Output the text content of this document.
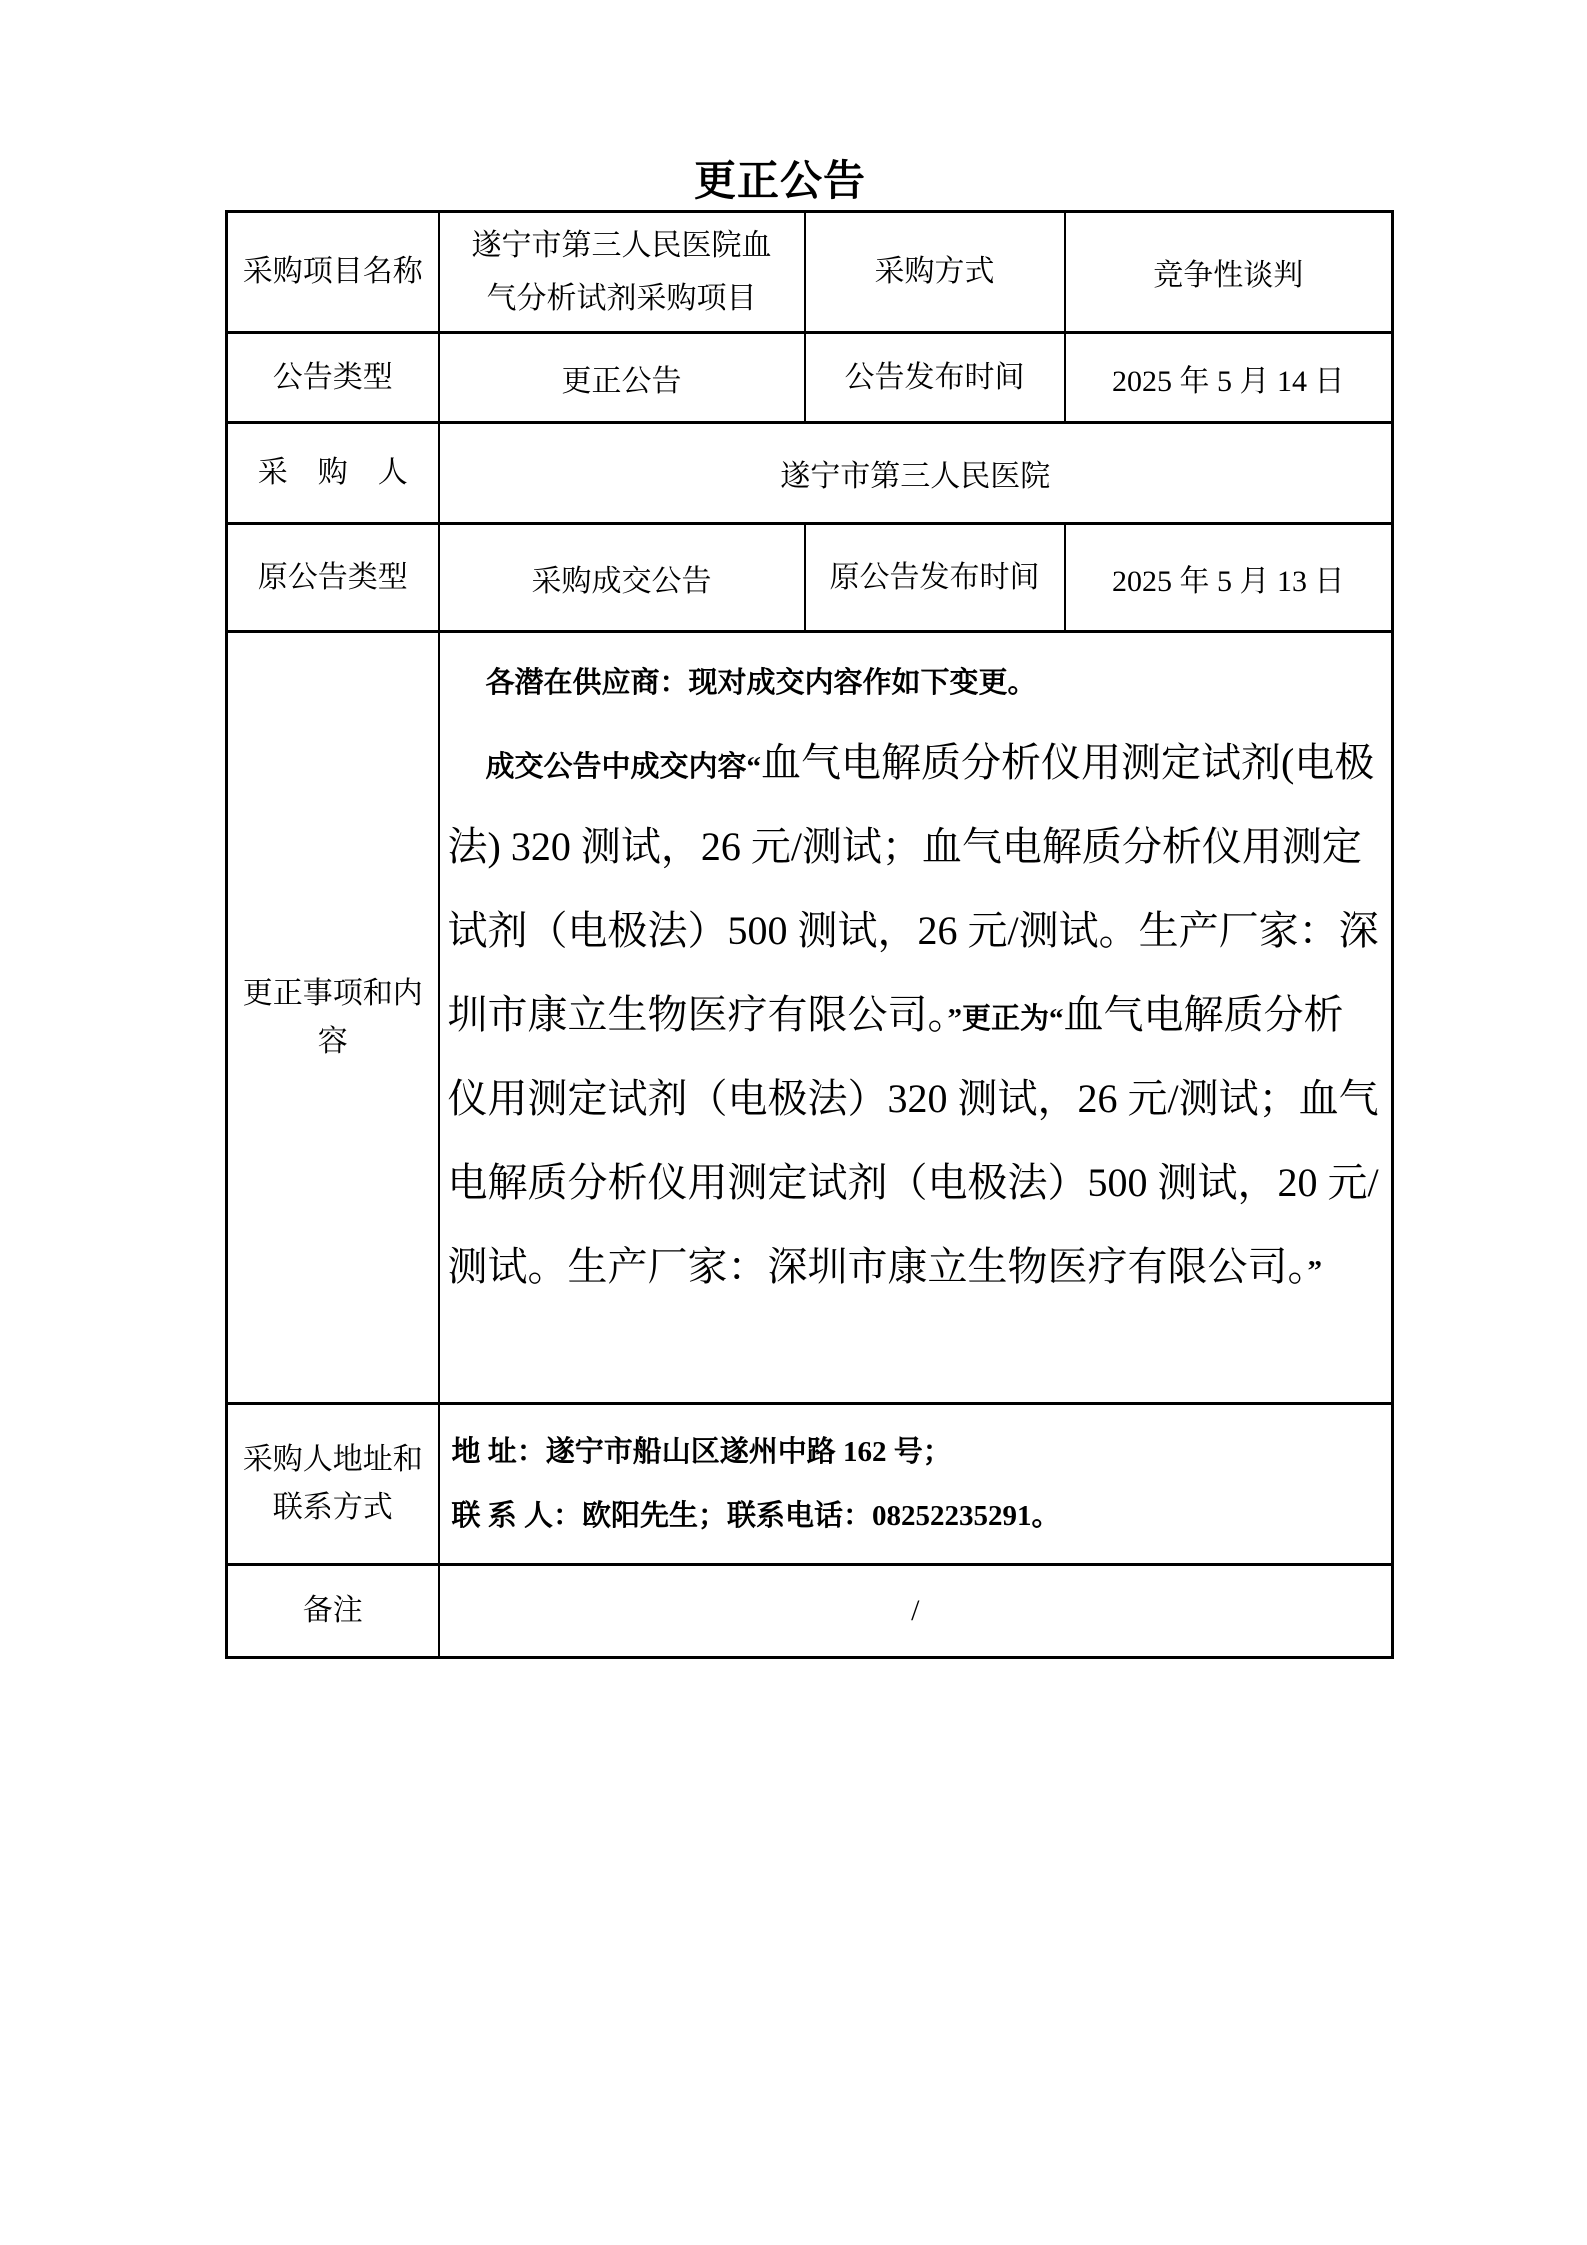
更正公告
采购项目名称	遂宁市第三人民医院血气分析试剂采购项目	采购方式	竞争性谈判
公告类型	更正公告	公告发布时间	2025 年 5 月 14 日
采　购　人	遂宁市第三人民医院		
原公告类型	采购成交公告	原公告发布时间	2025 年 5 月 13 日
更正事项和内容	各潜在供应商：现对成交内容作如下变更。

成交公告中成交内容“血气电解质分析仪用测定试剂(电极法) 320 测试，26 元/测试；血气电解质分析仪用测定试剂（电极法）500 测试，26 元/测试。生产厂家：深圳市康立生物医疗有限公司。”更正为“血气电解质分析仪用测定试剂（电极法）320 测试，26 元/测试；血气电解质分析仪用测定试剂（电极法）500 测试，20 元/测试。生产厂家：深圳市康立生物医疗有限公司。”		

采购人地址和联系方式	地 址：遂宁市船山区遂州中路 162 号；

联 系 人：欧阳先生；联系电话：08252235291。		

备注	/		
